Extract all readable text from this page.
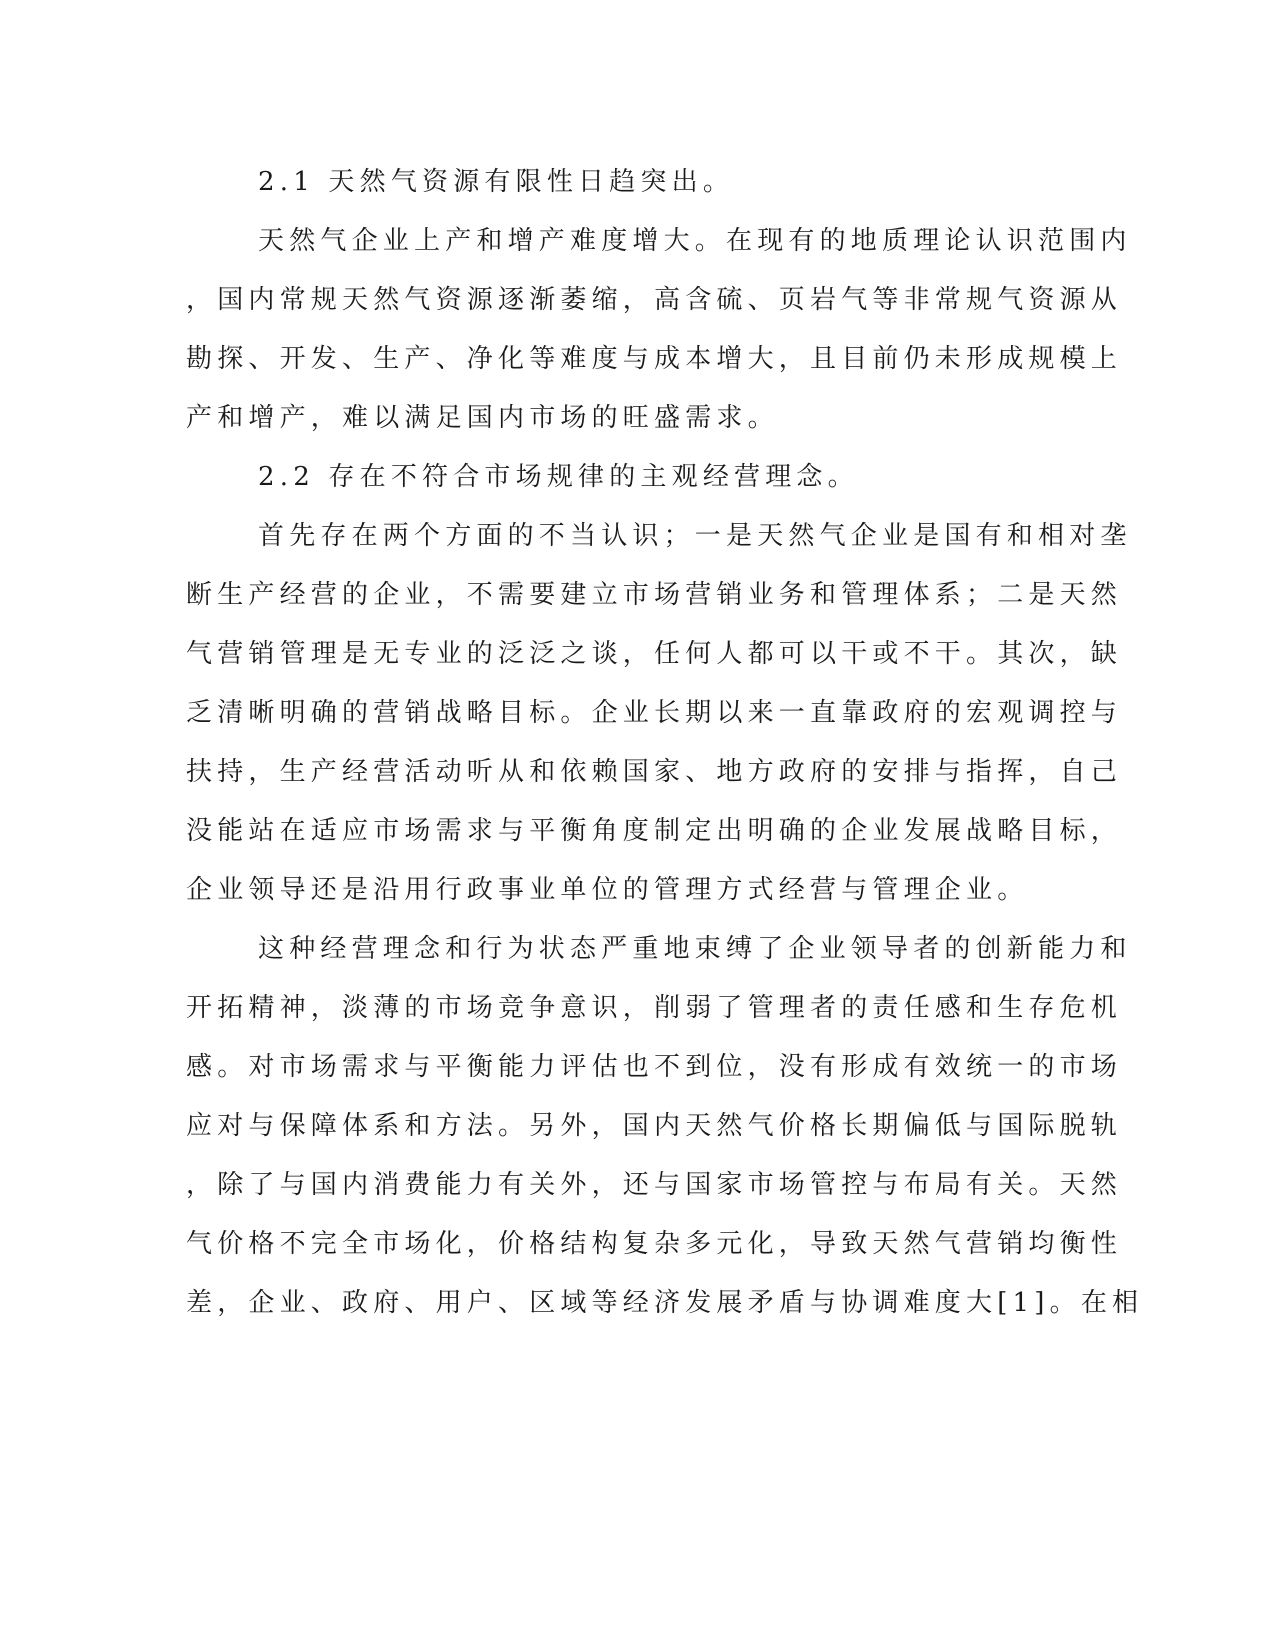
2.1 天然气资源有限性日趋突出。

天然气企业上产和增产难度增大。在现有的地质理论认识范围内

，国内常规天然气资源逐渐萎缩，高含硫、页岩气等非常规气资源从

勘探、开发、生产、净化等难度与成本增大，且目前仍未形成规模上

产和增产，难以满足国内市场的旺盛需求。

2.2 存在不符合市场规律的主观经营理念。

首先存在两个方面的不当认识；一是天然气企业是国有和相对垄

断生产经营的企业，不需要建立市场营销业务和管理体系；二是天然

气营销管理是无专业的泛泛之谈，任何人都可以干或不干。其次，缺

乏清晰明确的营销战略目标。企业长期以来一直靠政府的宏观调控与

扶持，生产经营活动听从和依赖国家、地方政府的安排与指挥，自己

没能站在适应市场需求与平衡角度制定出明确的企业发展战略目标，

企业领导还是沿用行政事业单位的管理方式经营与管理企业。

这种经营理念和行为状态严重地束缚了企业领导者的创新能力和

开拓精神，淡薄的市场竞争意识，削弱了管理者的责任感和生存危机

感。对市场需求与平衡能力评估也不到位，没有形成有效统一的市场

应对与保障体系和方法。另外，国内天然气价格长期偏低与国际脱轨

，除了与国内消费能力有关外，还与国家市场管控与布局有关。天然

气价格不完全市场化，价格结构复杂多元化，导致天然气营销均衡性

差，企业、政府、用户、区域等经济发展矛盾与协调难度大[1]。在相
